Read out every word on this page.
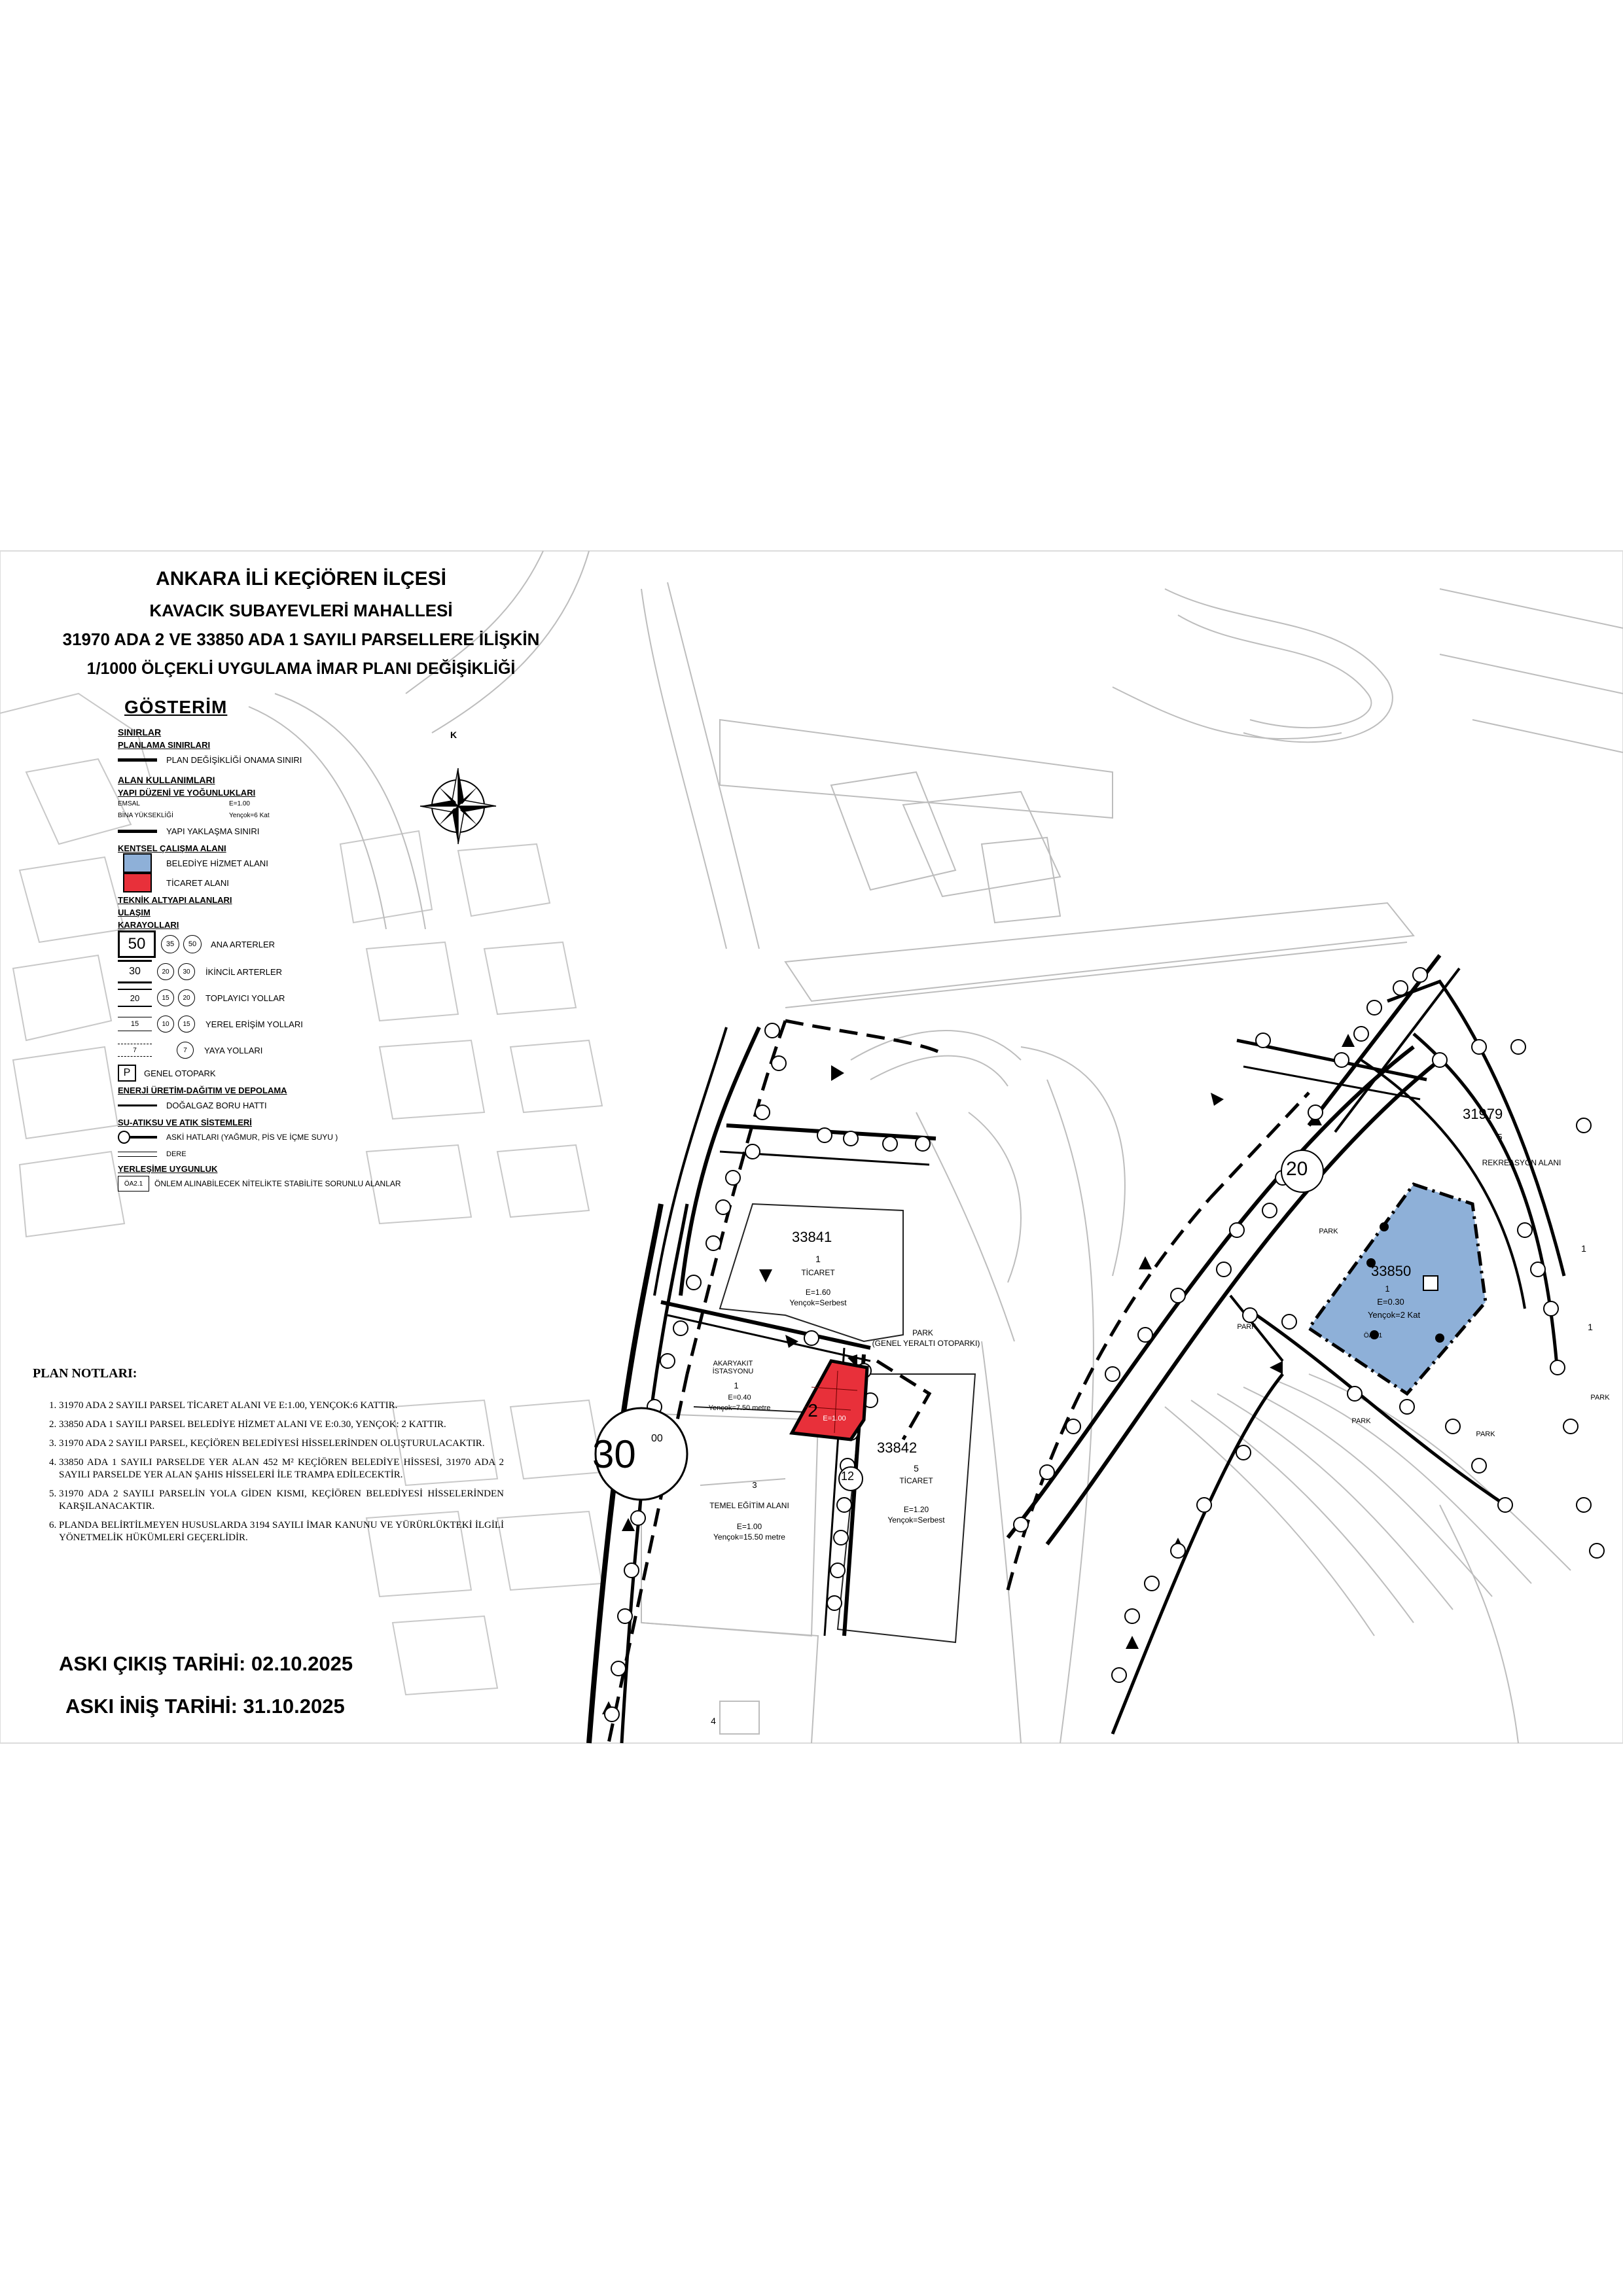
ANKARA İLİ KEÇİÖREN İLÇESİ
KAVACIK SUBAYEVLERİ MAHALLESİ
31970 ADA 2 VE 33850 ADA 1 SAYILI PARSELLERE İLİŞKİN
1/1000 ÖLÇEKLİ UYGULAMA İMAR PLANI DEĞİŞİKLİĞİ
K
GÖSTERİM
SINIRLAR
PLANLAMA SINIRLARI
PLAN DEĞİŞİKLİĞİ ONAMA SINIRI
ALAN KULLANIMLARI
YAPI DÜZENİ VE YOĞUNLUKLARI
EMSAL	E=1.00
BİNA YÜKSEKLİĞİ	Yençok=6 Kat
YAPI YAKLAŞMA SINIRI
KENTSEL ÇALIŞMA ALANI
BELEDİYE HİZMET ALANI
TİCARET ALANI
TEKNİK ALTYAPI ALANLARI
ULAŞIM
KARAYOLLARI
50	35	50	ANA ARTERLER
30	20	30	İKİNCİL ARTERLER
20	15	20	TOPLAYICI YOLLAR
15	10	15	YEREL ERİŞİM YOLLARI
7	7	YAYA YOLLARI
P	GENEL OTOPARK
ENERJİ ÜRETİM-DAĞITIM VE DEPOLAMA
DOĞALGAZ BORU HATTI
SU-ATIKSU VE ATIK SİSTEMLERİ
ASKİ HATLARI (YAĞMUR, PİS VE İÇME SUYU )
DERE
YERLEŞİME UYGUNLUK
ÖA2.1	ÖNLEM ALINABİLECEK NİTELİKTE STABİLİTE SORUNLU ALANLAR
PLAN NOTLARI:
1. 31970 ADA 2 SAYILI PARSEL TİCARET ALANI VE E:1.00, YENÇOK:6 KATTIR.
2. 33850 ADA 1 SAYILI PARSEL BELEDİYE HİZMET ALANI VE E:0.30, YENÇOK: 2 KATTIR.
3. 31970 ADA 2 SAYILI PARSEL, KEÇİÖREN BELEDİYESİ HİSSELERİNDEN OLUŞTURULACAKTIR.
4. 33850 ADA 1 SAYILI PARSELDE YER ALAN 452 M² KEÇİÖREN BELEDİYE HİSSESİ, 31970 ADA 2 SAYILI PARSELDE YER ALAN ŞAHIS HİSSELERİ İLE TRAMPA EDİLECEKTİR.
5. 31970 ADA 2 SAYILI PARSELİN YOLA GİDEN KISMI, KEÇİÖREN BELEDİYESİ HİSSELERİNDEN KARŞILANACAKTIR.
6. PLANDA BELİRTİLMEYEN HUSUSLARDA 3194 SAYILI İMAR KANUNU VE YÜRÜRLÜKTEKİ İLGİLİ YÖNETMELİK HÜKÜMLERİ GEÇERLİDİR.
ASKI ÇIKIŞ TARİHİ: 02.10.2025
ASKI İNİŞ TARİHİ: 31.10.2025
33841
1
TİCARET
E=1.60
Yençok=Serbest
AKARYAKIT İSTASYONU
1
E=0.40
Yençok=7.50 metre	2 E=1.00
PARK
(GENEL YERALTI OTOPARKI)
33842
5
TİCARET
E=1.20
Yençok=Serbest
3
TEMEL EĞİTİM ALANI
E=1.00
Yençok=15.50 metre
33850
1
E=0.30
Yençok=2 Kat
ÖA2.1
31979
5
REKREASYON ALANI
PARK
PARK
PARK
PARK
PARK
1
1
4
30 00
20
12
